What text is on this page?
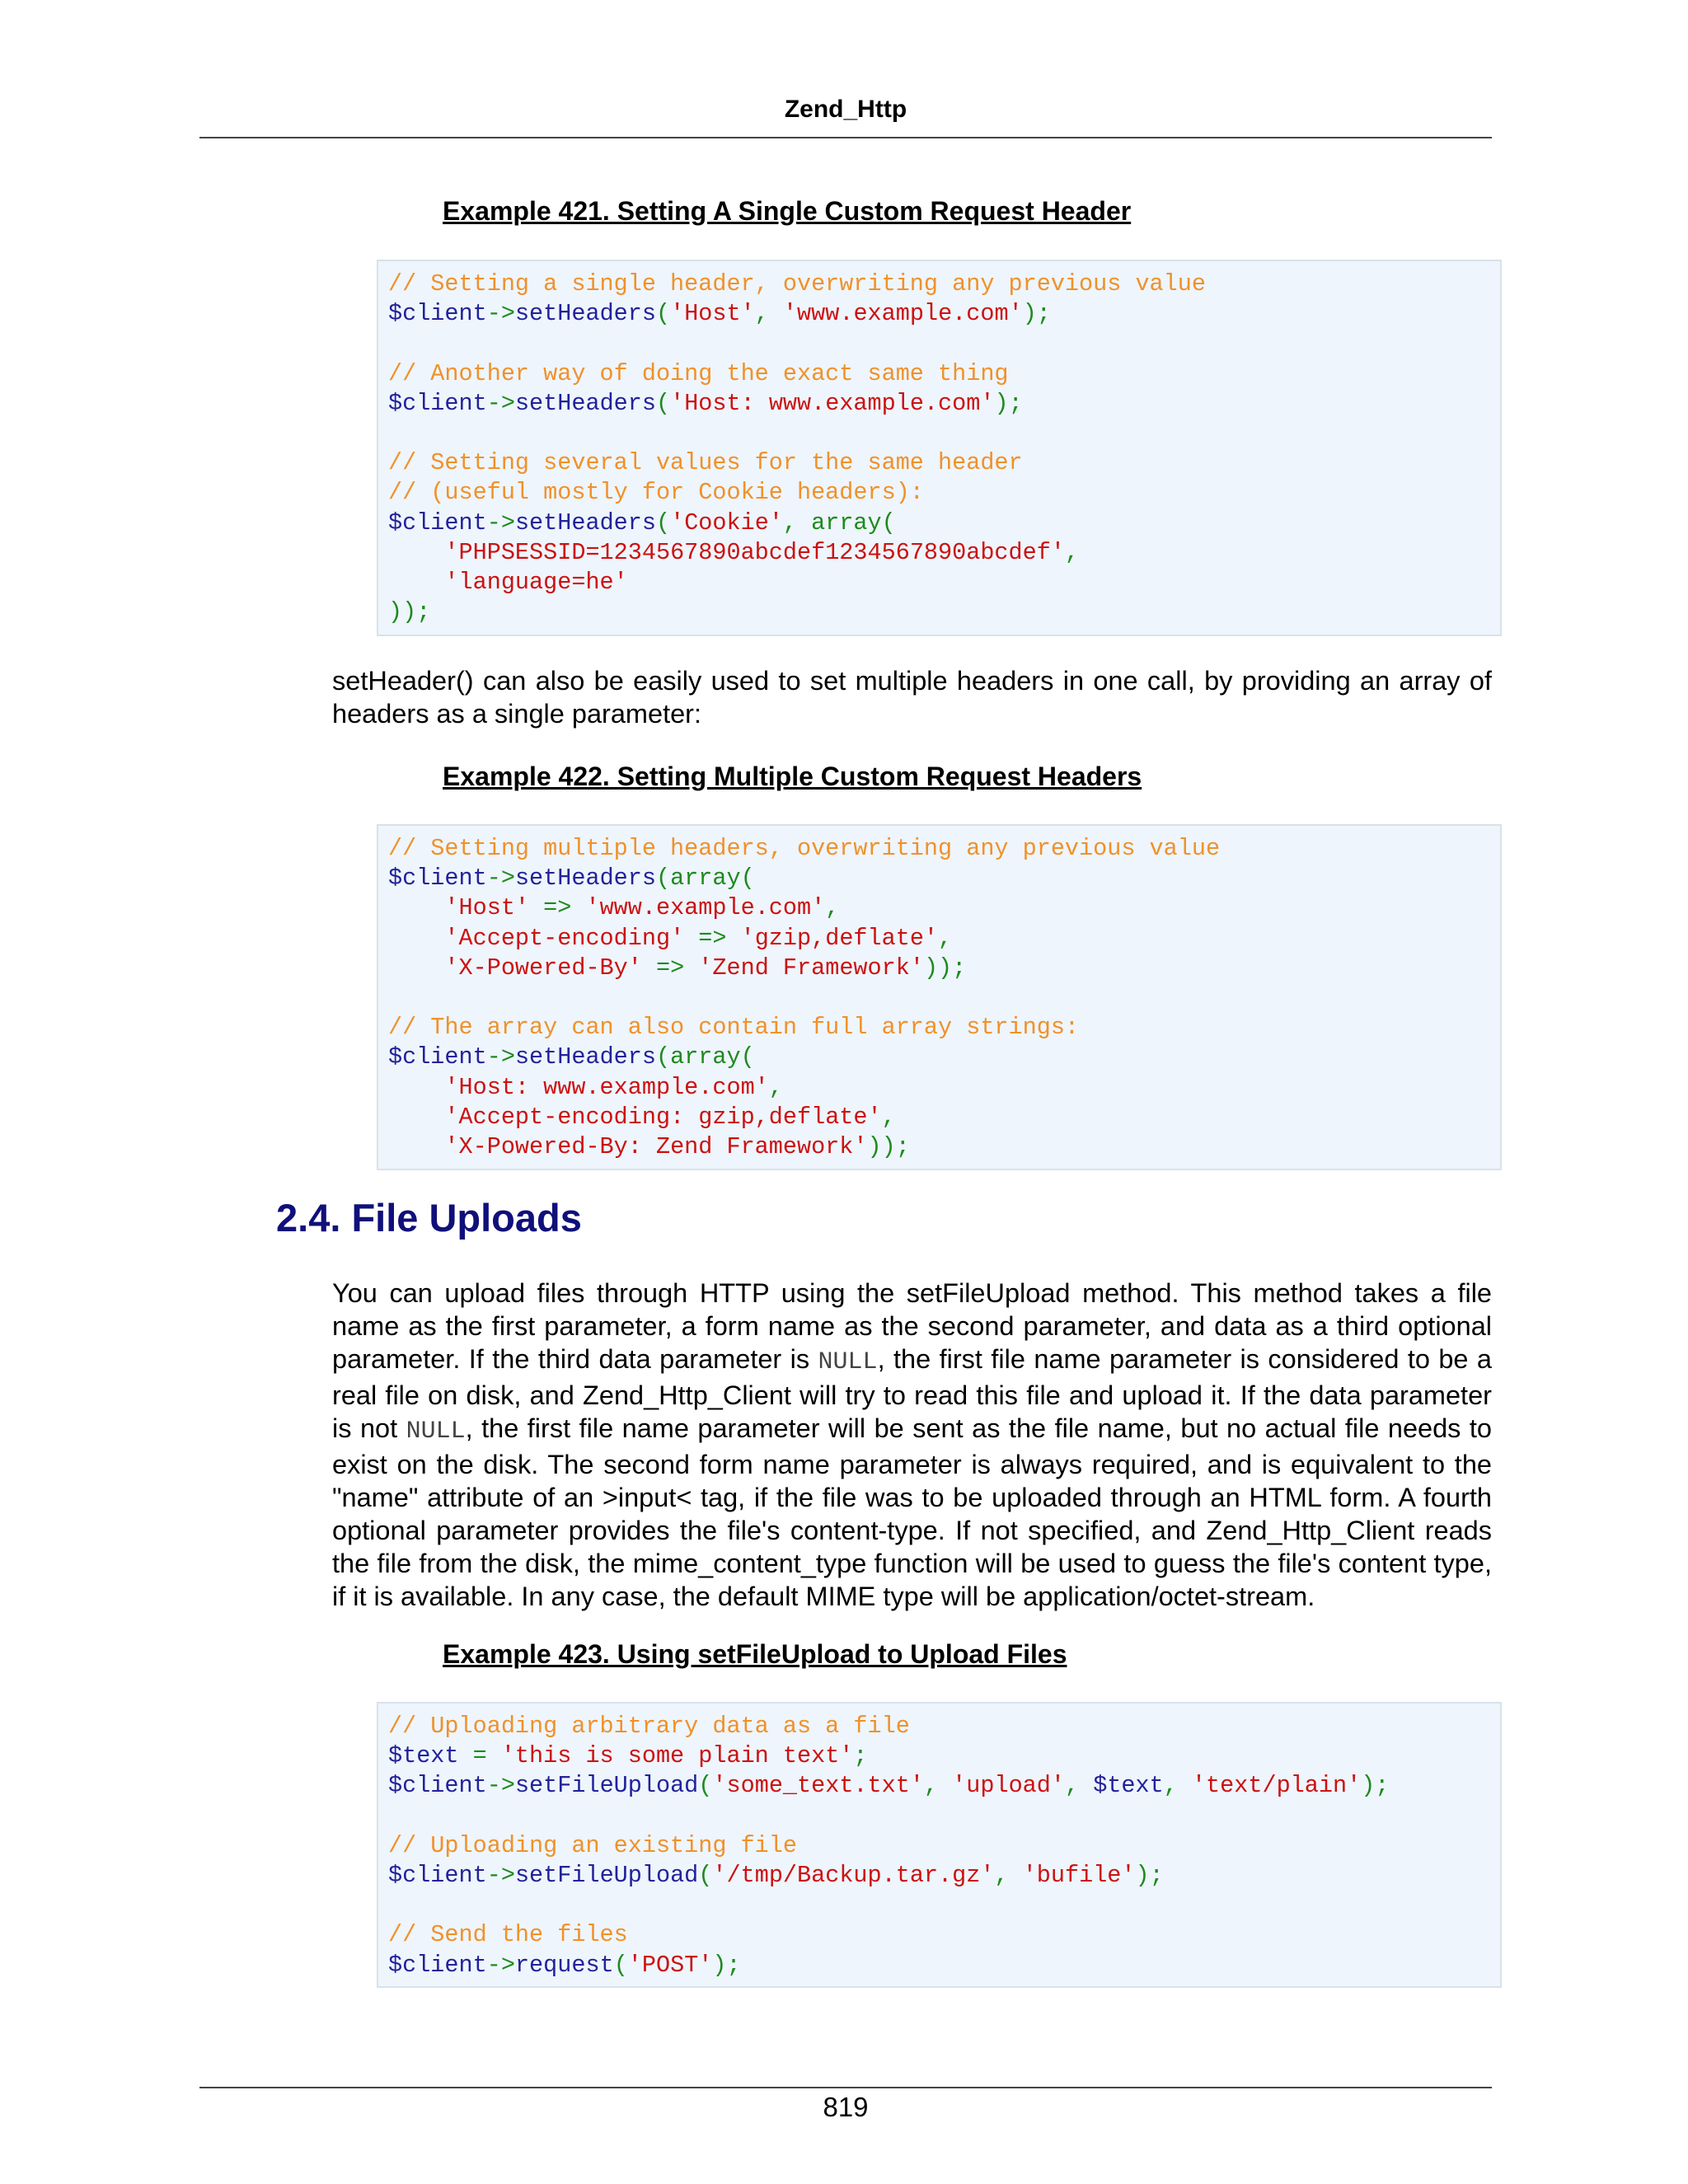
Zend_Http
Example 421. Setting A Single Custom Request Header
// Setting a single header, overwriting any previous value
$client->setHeaders('Host', 'www.example.com');
// Another way of doing the exact same thing
$client->setHeaders('Host: www.example.com');
// Setting several values for the same header
// (useful mostly for Cookie headers):
$client->setHeaders('Cookie', array(
'PHPSESSID=1234567890abcdef1234567890abcdef',
'language=he'
));
setHeader() can also be easily used to set multiple headers in one call, by providing an array of headers as a single parameter:
Example 422. Setting Multiple Custom Request Headers
// Setting multiple headers, overwriting any previous value
$client->setHeaders(array(
'Host' => 'www.example.com',
'Accept-encoding' => 'gzip,deflate',
'X-Powered-By' => 'Zend Framework'));
// The array can also contain full array strings:
$client->setHeaders(array(
'Host: www.example.com',
'Accept-encoding: gzip,deflate',
'X-Powered-By: Zend Framework'));
2.4. File Uploads
You can upload files through HTTP using the setFileUpload method. This method takes a file name as the first parameter, a form name as the second parameter, and data as a third optional parameter. If the third data parameter is NULL, the first file name parameter is considered to be a real file on disk, and Zend_Http_Client will try to read this file and upload it. If the data parameter is not NULL, the first file name parameter will be sent as the file name, but no actual file needs to exist on the disk. The second form name parameter is always required, and is equivalent to the "name" attribute of an >input< tag, if the file was to be uploaded through an HTML form. A fourth optional parameter provides the file's content-type. If not specified, and Zend_Http_Client reads the file from the disk, the mime_content_type function will be used to guess the file's content type, if it is available. In any case, the default MIME type will be application/octet-stream.
Example 423. Using setFileUpload to Upload Files
// Uploading arbitrary data as a file
$text = 'this is some plain text';
$client->setFileUpload('some_text.txt', 'upload', $text, 'text/plain');
// Uploading an existing file
$client->setFileUpload('/tmp/Backup.tar.gz', 'bufile');
// Send the files
$client->request('POST');
819
